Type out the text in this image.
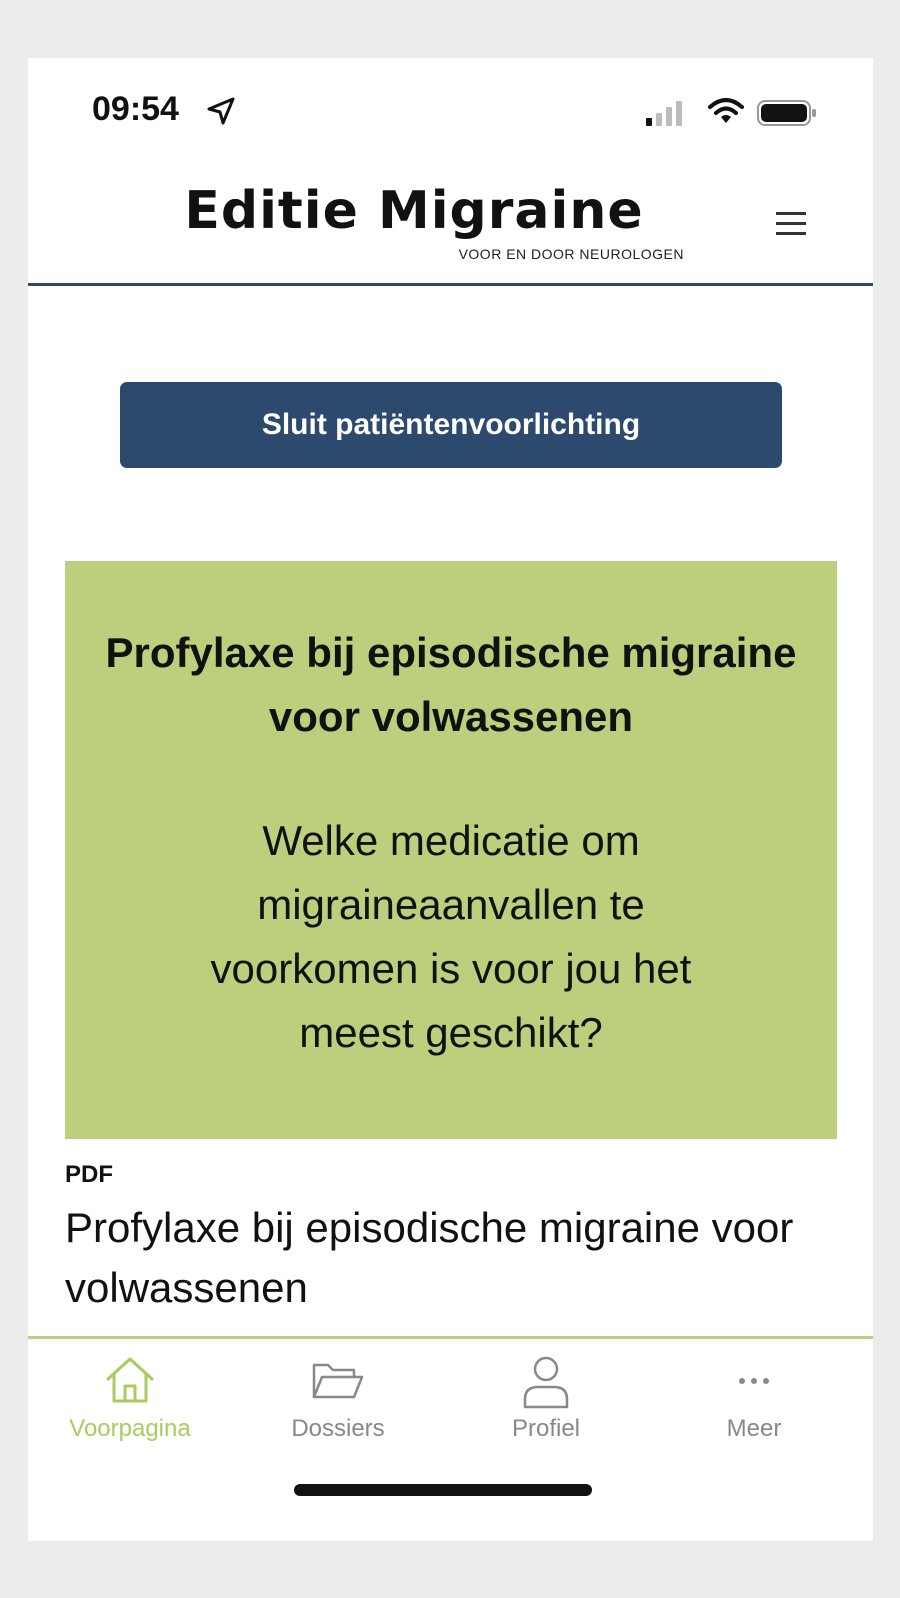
09:54
Editie Migraine
VOOR EN DOOR NEUROLOGEN
Sluit patiëntenvoorlichting
Profylaxe bij episodische migraine voor volwassenen
Welke medicatie om migraineaanvallen te voorkomen is voor jou het meest geschikt?
PDF
Profylaxe bij episodische migraine voor volwassenen
Voorpagina	Dossiers	Profiel	Meer
